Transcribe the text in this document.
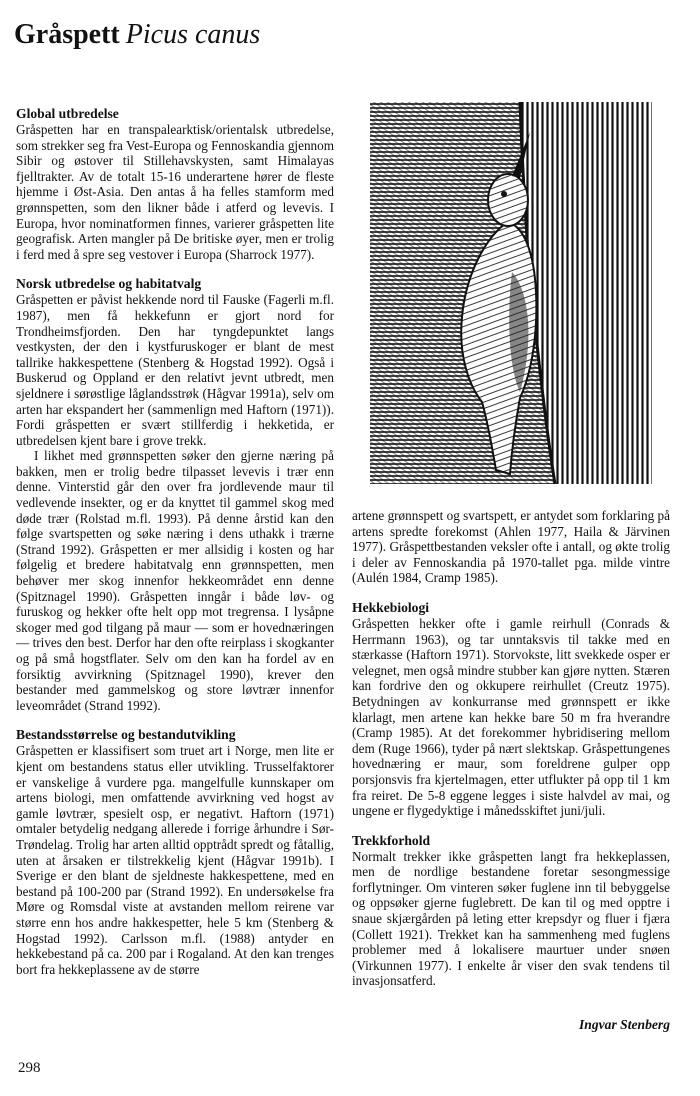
Gråspett Picus canus
Global utbredelse

Gråspetten har en transpalearktisk/orientalsk utbredelse, som strekker seg fra Vest-Europa og Fennoskandia gjennom Sibir og østover til Stillehavskysten, samt Himalayas fjelltrakter. Av de totalt 15-16 underartene hører de fleste hjemme i Øst-Asia. Den antas å ha felles stamform med grønnspetten, som den likner både i atferd og levevis. I Europa, hvor nominatformen finnes, varierer gråspetten lite geografisk. Arten mangler på De britiske øyer, men er trolig i ferd med å spre seg vestover i Europa (Sharrock 1977).

Norsk utbredelse og habitatvalg

Gråspetten er påvist hekkende nord til Fauske (Fagerli m.fl. 1987), men få hekkefunn er gjort nord for Trondheimsfjorden. Den har tyngdepunktet langs vestkysten, der den i kystfuruskoger er blant de mest tallrike hakkespettene (Stenberg & Hogstad 1992). Også i Buskerud og Oppland er den relativt jevnt utbredt, men sjeldnere i sørøstlige låglandsstrøk (Hågvar 1991a), selv om arten har ekspandert her (sammenlign med Haftorn (1971)). Fordi gråspetten er svært stillferdig i hekketida, er utbredelsen kjent bare i grove trekk.

I likhet med grønnspetten søker den gjerne næring på bakken, men er trolig bedre tilpasset levevis i trær enn denne. Vinterstid går den over fra jordlevende maur til vedlevende insekter, og er da knyttet til gammel skog med døde trær (Rolstad m.fl. 1993). På denne årstid kan den følge svartspetten og søke næring i dens uthakk i trærne (Strand 1992). Gråspetten er mer allsidig i kosten og har følgelig et bredere habitatvalg enn grønnspetten, men behøver mer skog innenfor hekkeområdet enn denne (Spitznagel 1990). Gråspetten inngår i både løv- og furuskog og hekker ofte helt opp mot tregrensa. I lysåpne skoger med god tilgang på maur — som er hovednæringen — trives den best. Derfor har den ofte reirplass i skogkanter og på små hogstflater. Selv om den kan ha fordel av en forsiktig avvirkning (Spitznagel 1990), krever den bestander med gammelskog og store løvtrær innenfor leveområdet (Strand 1992).

Bestandsstørrelse og bestandutvikling

Gråspetten er klassifisert som truet art i Norge, men lite er kjent om bestandens status eller utvikling. Trusselfaktorer er vanskelige å vurdere pga. mangelfulle kunnskaper om artens biologi, men omfattende avvirkning ved hogst av gamle løvtrær, spesielt osp, er negativt. Haftorn (1971) omtaler betydelig nedgang allerede i forrige århundre i Sør-Trøndelag. Trolig har arten alltid opptrådt spredt og fåtallig, uten at årsaken er tilstrekkelig kjent (Hågvar 1991b). I Sverige er den blant de sjeldneste hakkespettene, med en bestand på 100-200 par (Strand 1992). En undersøkelse fra Møre og Romsdal viste at avstanden mellom reirene var større enn hos andre hakkespetter, hele 5 km (Stenberg & Hogstad 1992). Carlsson m.fl. (1988) antyder en hekkebestand på ca. 200 par i Rogaland. At den kan trenges bort fra hekkeplassene av de større

artene grønnspett og svartspett, er antydet som forklaring på artens spredte forekomst (Ahlen 1977, Haila & Järvinen 1977). Gråspettbestanden veksler ofte i antall, og økte trolig i deler av Fennoskandia på 1970-tallet pga. milde vintre (Aulén 1984, Cramp 1985).

Hekkebiologi

Gråspetten hekker ofte i gamle reirhull (Conrads & Herrmann 1963), og tar unntaksvis til takke med en stærkasse (Haftorn 1971). Storvokste, litt svekkede osper er velegnet, men også mindre stubber kan gjøre nytten. Stæren kan fordrive den og okkupere reirhullet (Creutz 1975). Betydningen av konkurranse med grønnspett er ikke klarlagt, men artene kan hekke bare 50 m fra hverandre (Cramp 1985). At det forekommer hybridisering mellom dem (Ruge 1966), tyder på nært slektskap. Gråspettungenes hovednæring er maur, som foreldrene gulper opp porsjonsvis fra kjertelmagen, etter utflukter på opp til 1 km fra reiret. De 5-8 eggene legges i siste halvdel av mai, og ungene er flygedyktige i månedsskiftet juni/juli.

Trekkforhold

Normalt trekker ikke gråspetten langt fra hekkeplassen, men de nordlige bestandene foretar sesongmessige forflytninger. Om vinteren søker fuglene inn til bebyggelse og oppsøker gjerne fuglebrett. De kan til og med opptre i snaue skjærgården på leting etter krepsdyr og fluer i fjæra (Collett 1921). Trekket kan ha sammenheng med fuglens problemer med å lokalisere maurtuer under snøen (Virkunnen 1977). I enkelte år viser den svak tendens til invasjonsatferd.

Ingvar Stenberg
298
